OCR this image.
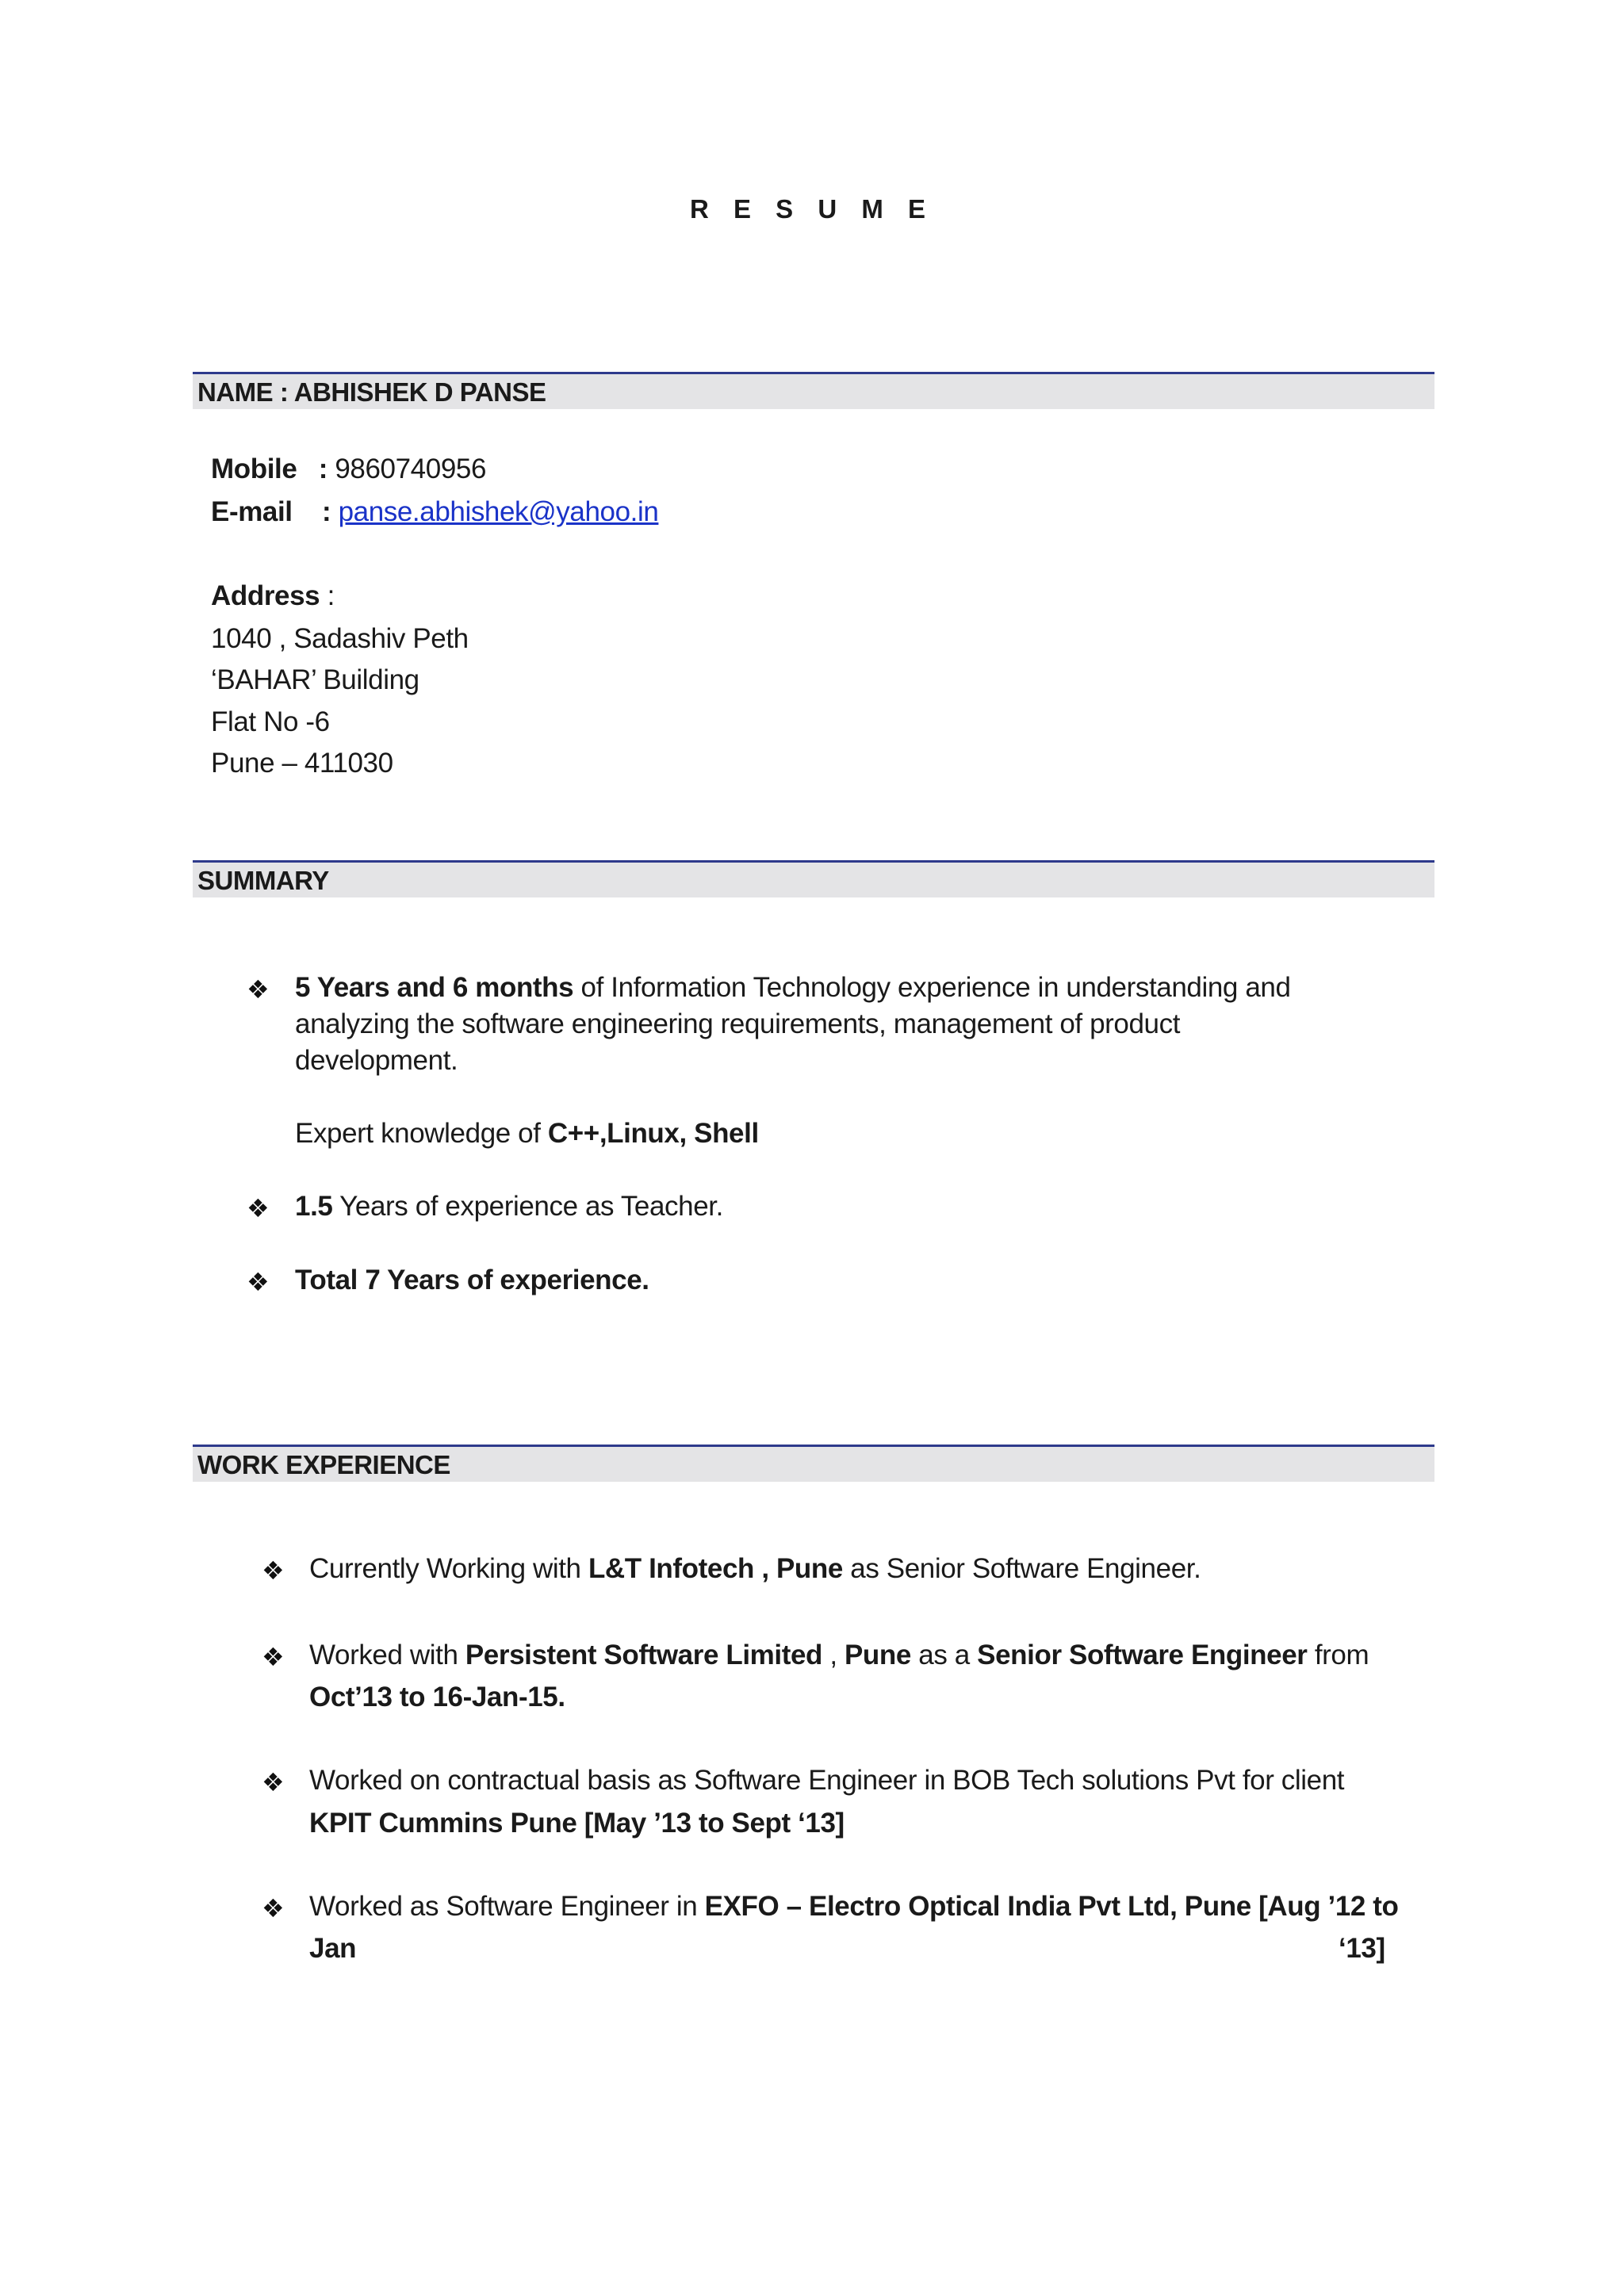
R E S U M E
NAME : ABHISHEK D PANSE
Mobile : 9860740956
E-mail : panse.abhishek@yahoo.in
Address :
1040 , Sadashiv Peth
‘BAHAR’ Building
Flat No -6
Pune – 411030
SUMMARY
❖ 5 Years and 6 months of Information Technology experience in understanding and
analyzing the software engineering requirements, management of product
development.
Expert knowledge of C++,Linux, Shell
❖ 1.5 Years of experience as Teacher.
❖ Total 7 Years of experience.
WORK EXPERIENCE
❖ Currently Working with L&T Infotech , Pune as Senior Software Engineer.
❖ Worked with Persistent Software Limited , Pune as a Senior Software Engineer from
Oct’13 to 16-Jan-15.
❖ Worked on contractual basis as Software Engineer in BOB Tech solutions Pvt for client
KPIT Cummins Pune [May ’13 to Sept ‘13]
❖ Worked as Software Engineer in EXFO – Electro Optical India Pvt Ltd, Pune [Aug ’12 to
Jan	‘13]
